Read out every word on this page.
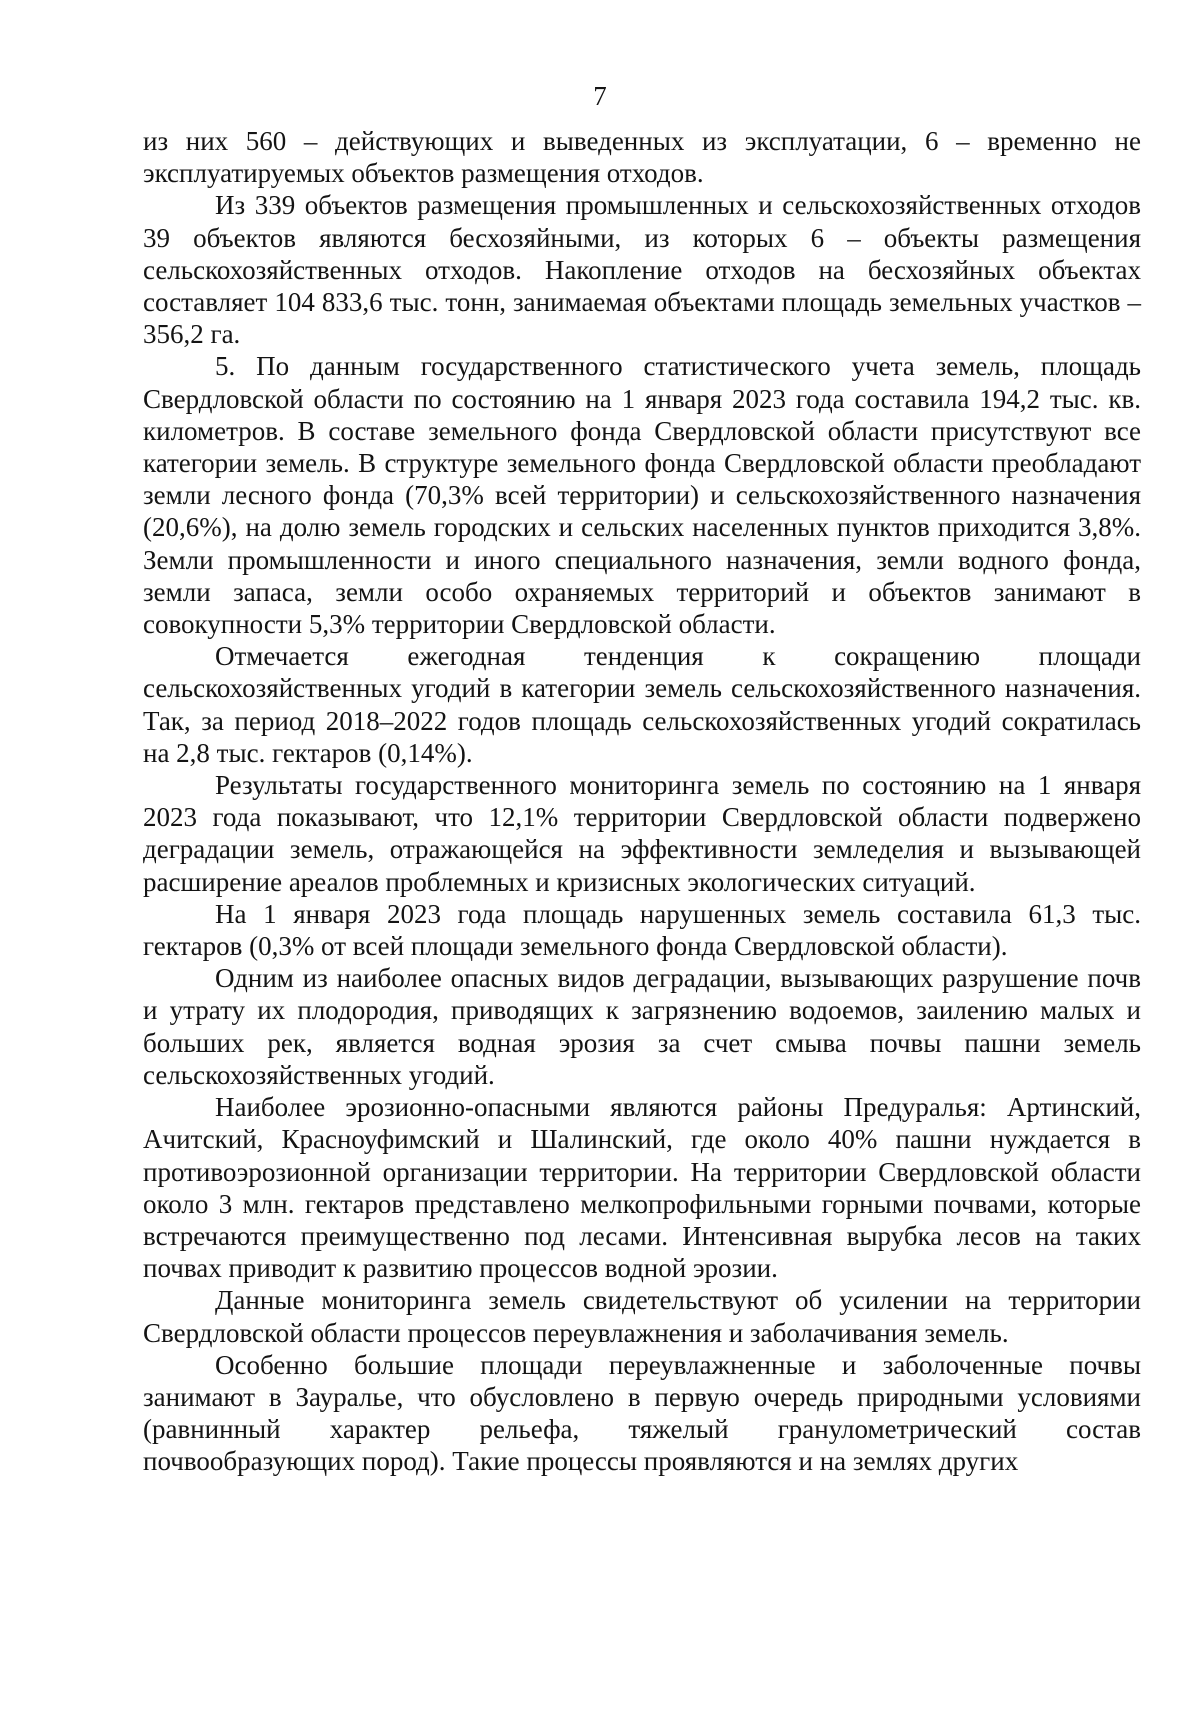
7

из них 560 – действующих и выведенных из эксплуатации, 6 – временно не эксплуатируемых объектов размещения отходов.

Из 339 объектов размещения промышленных и сельскохозяйственных отходов 39 объектов являются бесхозяйными, из которых 6 – объекты размещения сельскохозяйственных отходов. Накопление отходов на бесхозяйных объектах составляет 104 833,6 тыс. тонн, занимаемая объектами площадь земельных участков – 356,2 га.

5. По данным государственного статистического учета земель, площадь Свердловской области по состоянию на 1 января 2023 года составила 194,2 тыс. кв. километров. В составе земельного фонда Свердловской области присутствуют все категории земель. В структуре земельного фонда Свердловской области преобладают земли лесного фонда (70,3% всей территории) и сельскохозяйственного назначения (20,6%), на долю земель городских и сельских населенных пунктов приходится 3,8%. Земли промышленности и иного специального назначения, земли водного фонда, земли запаса, земли особо охраняемых территорий и объектов занимают в совокупности 5,3% территории Свердловской области.

Отмечается ежегодная тенденция к сокращению площади сельскохозяйственных угодий в категории земель сельскохозяйственного назначения. Так, за период 2018–2022 годов площадь сельскохозяйственных угодий сократилась на 2,8 тыс. гектаров (0,14%).

Результаты государственного мониторинга земель по состоянию на 1 января 2023 года показывают, что 12,1% территории Свердловской области подвержено деградации земель, отражающейся на эффективности земледелия и вызывающей расширение ареалов проблемных и кризисных экологических ситуаций.

На 1 января 2023 года площадь нарушенных земель составила 61,3 тыс. гектаров (0,3% от всей площади земельного фонда Свердловской области).

Одним из наиболее опасных видов деградации, вызывающих разрушение почв и утрату их плодородия, приводящих к загрязнению водоемов, заилению малых и больших рек, является водная эрозия за счет смыва почвы пашни земель сельскохозяйственных угодий.

Наиболее эрозионно-опасными являются районы Предуралья: Артинский, Ачитский, Красноуфимский и Шалинский, где около 40% пашни нуждается в противоэрозионной организации территории. На территории Свердловской области около 3 млн. гектаров представлено мелкопрофильными горными почвами, которые встречаются преимущественно под лесами. Интенсивная вырубка лесов на таких почвах приводит к развитию процессов водной эрозии.

Данные мониторинга земель свидетельствуют об усилении на территории Свердловской области процессов переувлажнения и заболачивания земель.

Особенно большие площади переувлажненные и заболоченные почвы занимают в Зауралье, что обусловлено в первую очередь природными условиями (равнинный характер рельефа, тяжелый гранулометрический состав почвообразующих пород). Такие процессы проявляются и на землях других
